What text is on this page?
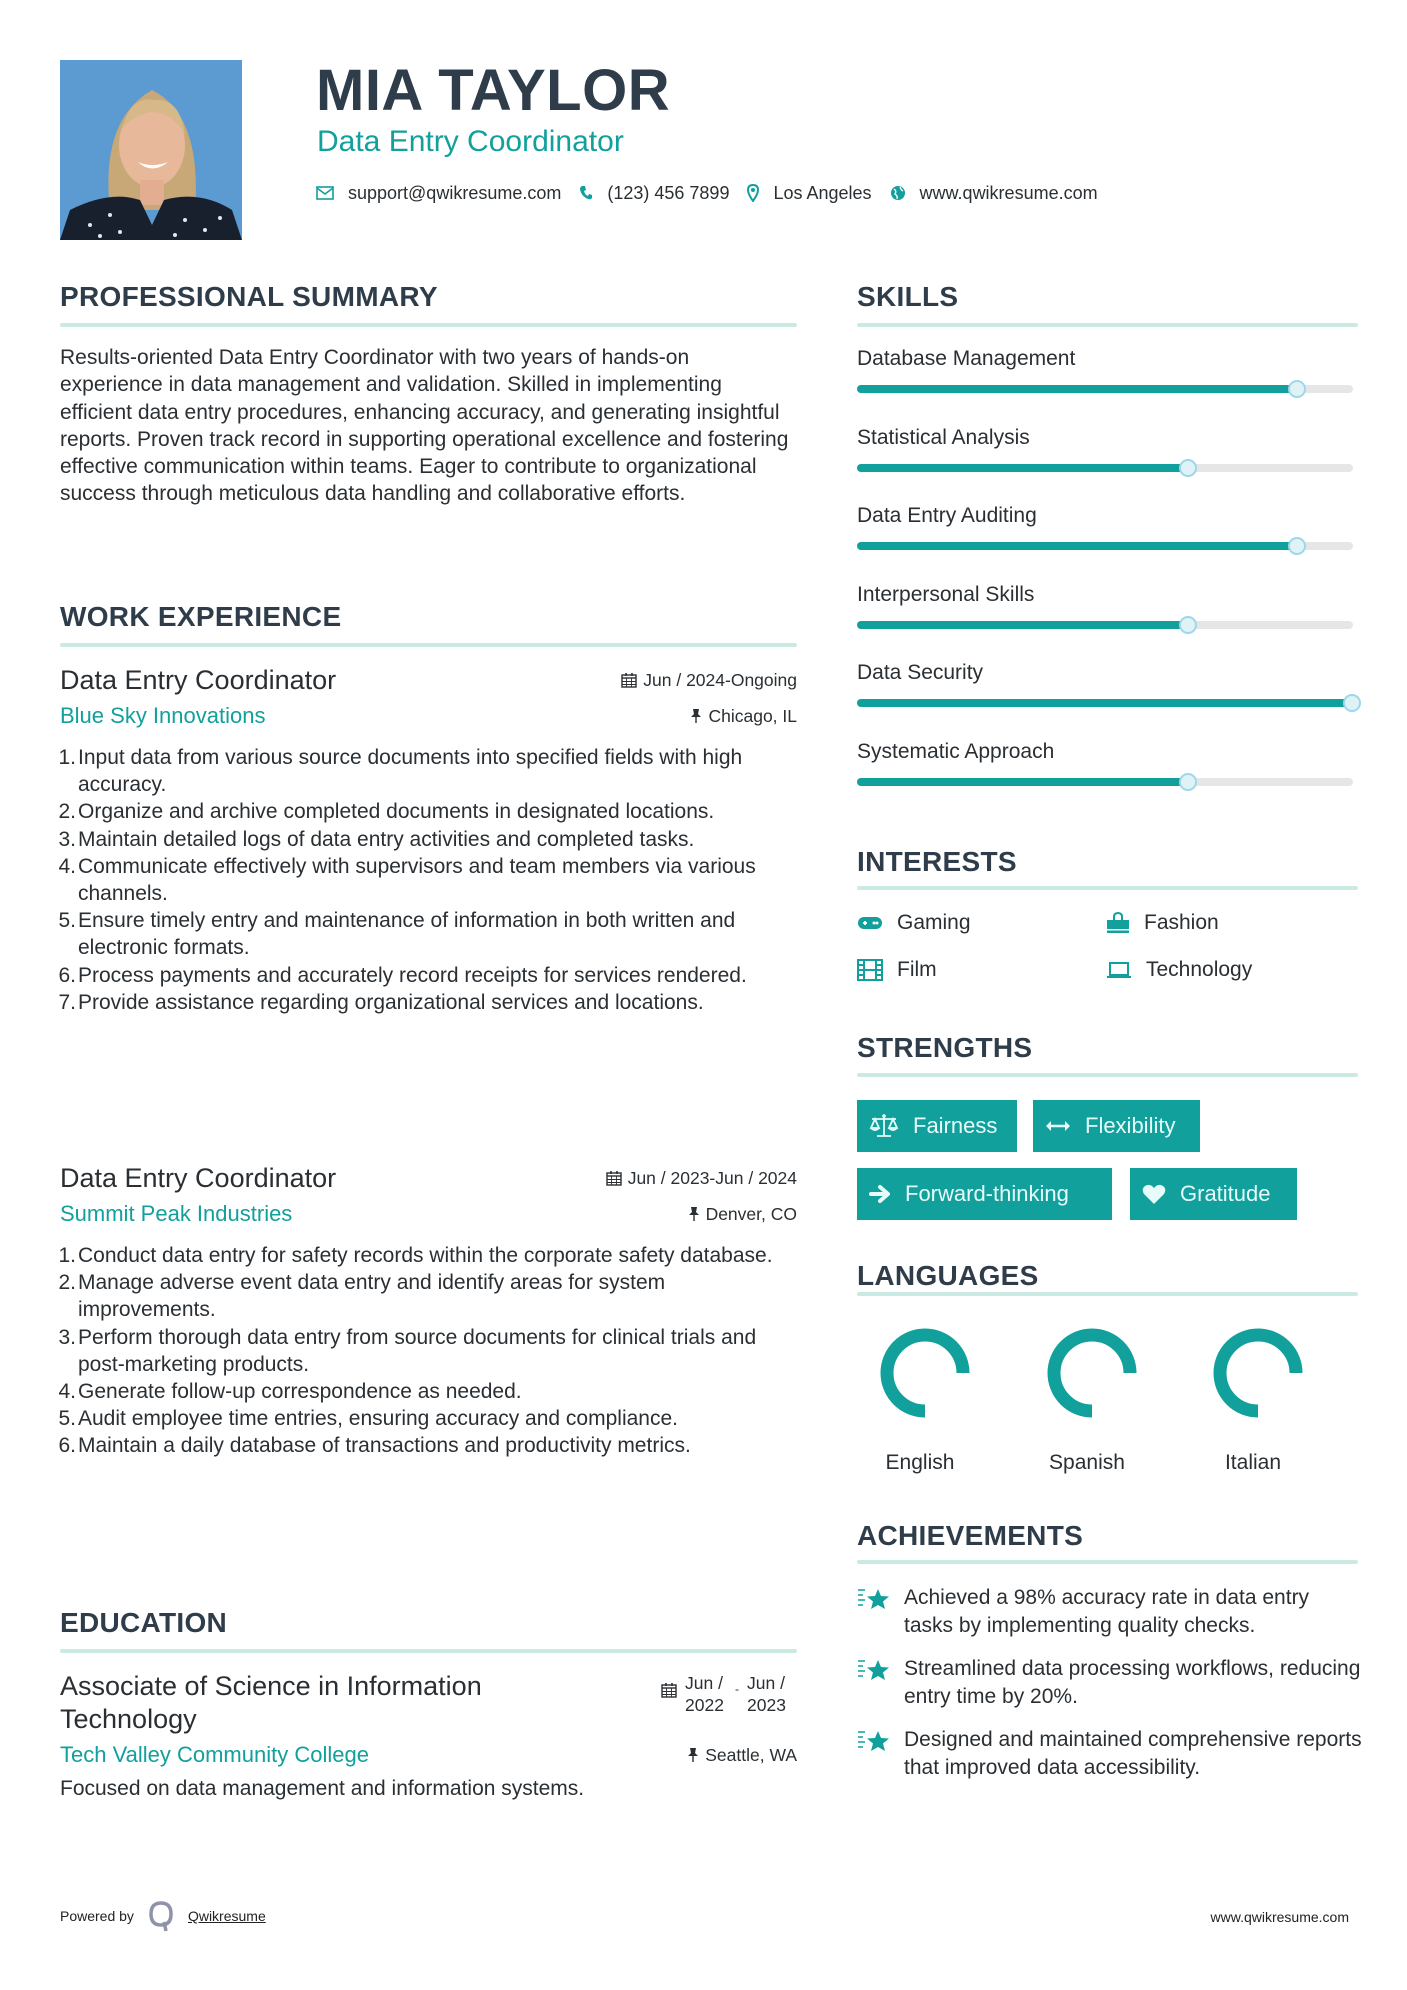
MIA TAYLOR
Data Entry Coordinator
support@qwikresume.com	(123) 456 7899 Los Angeles	www.qwikresume.com
PROFESSIONAL SUMMARY
Results-oriented Data Entry Coordinator with two years of hands-on experience in data management and validation. Skilled in implementing efficient data entry procedures, enhancing accuracy, and generating insightful reports. Proven track record in supporting operational excellence and fostering effective communication within teams. Eager to contribute to organizational success through meticulous data handling and collaborative efforts.
WORK EXPERIENCE
Data Entry Coordinator	Jun / 2024-Ongoing
Blue Sky Innovations	Chicago, IL
1. Input data from various source documents into specified fields with high accuracy.
2. Organize and archive completed documents in designated locations.
3. Maintain detailed logs of data entry activities and completed tasks.
4. Communicate effectively with supervisors and team members via various channels.
5. Ensure timely entry and maintenance of information in both written and electronic formats.
6. Process payments and accurately record receipts for services rendered.
7. Provide assistance regarding organizational services and locations.
Data Entry Coordinator	Jun / 2023-Jun / 2024
Summit Peak Industries	Denver, CO
1. Conduct data entry for safety records within the corporate safety database.
2. Manage adverse event data entry and identify areas for system improvements.
3. Perform thorough data entry from source documents for clinical trials and post-marketing products.
4. Generate follow-up correspondence as needed.
5. Audit employee time entries, ensuring accuracy and compliance.
6. Maintain a daily database of transactions and productivity metrics.
EDUCATION
Associate of Science in Information Technology
Jun /
2022
- Jun /
2023
Tech Valley Community College	Seattle, WA
Focused on data management and information systems.
SKILLS
Database Management
Statistical Analysis
Data Entry Auditing
Interpersonal Skills
Data Security
Systematic Approach
INTERESTS
Gaming	Fashion
Film	Technology
STRENGTHS
Fairness	Flexibility
Forward-thinking	Gratitude
LANGUAGES
English	Spanish	Italian
ACHIEVEMENTS
Achieved a 98% accuracy rate in data entry tasks by implementing quality checks.
Streamlined data processing workflows, reducing entry time by 20%.
Designed and maintained comprehensive reports that improved data accessibility.
Powered by	Qwikresume	www.qwikresume.com
